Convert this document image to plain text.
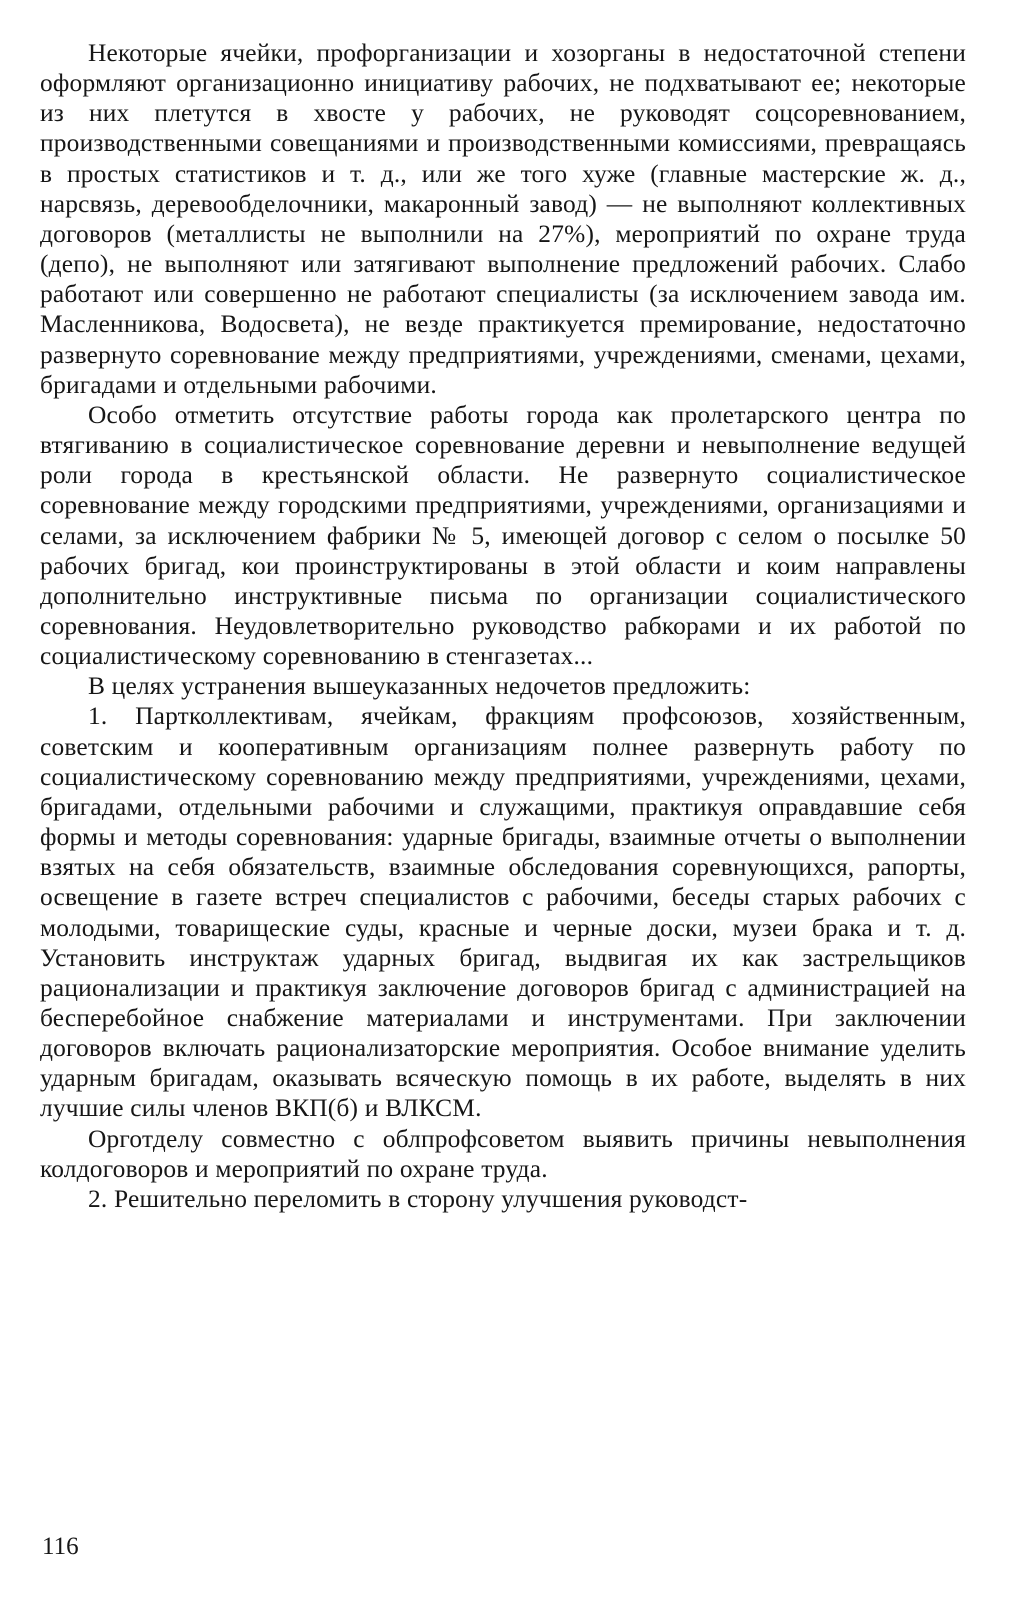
Некоторые ячейки, профорганизации и хозорганы в недостаточной степени оформляют организационно инициативу рабочих, не подхватывают ее; некоторые из них плетутся в хвосте у рабочих, не руководят соцсоревнованием, производственными совещаниями и производственными комиссиями, превращаясь в простых статистиков и т. д., или же того хуже (главные мастерские ж. д., нарсвязь, деревообделочники, макаронный завод) — не выполняют коллективных договоров (металлисты не выполнили на 27%), мероприятий по охране труда (депо), не выполняют или затягивают выполнение предложений рабочих. Слабо работают или совершенно не работают специалисты (за исключением завода им. Масленникова, Водосвета), не везде практикуется премирование, недостаточно развернуто соревнование между предприятиями, учреждениями, сменами, цехами, бригадами и отдельными рабочими.

Особо отметить отсутствие работы города как пролетарского центра по втягиванию в социалистическое соревнование деревни и невыполнение ведущей роли города в крестьянской области. Не развернуто социалистическое соревнование между городскими предприятиями, учреждениями, организациями и селами, за исключением фабрики № 5, имеющей договор с селом о посылке 50 рабочих бригад, кои проинструктированы в этой области и коим направлены дополнительно инструктивные письма по организации социалистического соревнования. Неудовлетворительно руководство рабкорами и их работой по социалистическому соревнованию в стенгазетах...

В целях устранения вышеуказанных недочетов предложить:

1. Партколлективам, ячейкам, фракциям профсоюзов, хозяйственным, советским и кооперативным организациям полнее развернуть работу по социалистическому соревнованию между предприятиями, учреждениями, цехами, бригадами, отдельными рабочими и служащими, практикуя оправдавшие себя формы и методы соревнования: ударные бригады, взаимные отчеты о выполнении взятых на себя обязательств, взаимные обследования соревнующихся, рапорты, освещение в газете встреч специалистов с рабочими, беседы старых рабочих с молодыми, товарищеские суды, красные и черные доски, музеи брака и т. д. Установить инструктаж ударных бригад, выдвигая их как застрельщиков рационализации и практикуя заключение договоров бригад с администрацией на бесперебойное снабжение материалами и инструментами. При заключении договоров включать рационализаторские мероприятия. Особое внимание уделить ударным бригадам, оказывать всяческую помощь в их работе, выделять в них лучшие силы членов ВКП(б) и ВЛКСМ.

Орготделу совместно с облпрофсоветом выявить причины невыполнения колдоговоров и мероприятий по охране труда.

2. Решительно переломить в сторону улучшения руководст-

116
